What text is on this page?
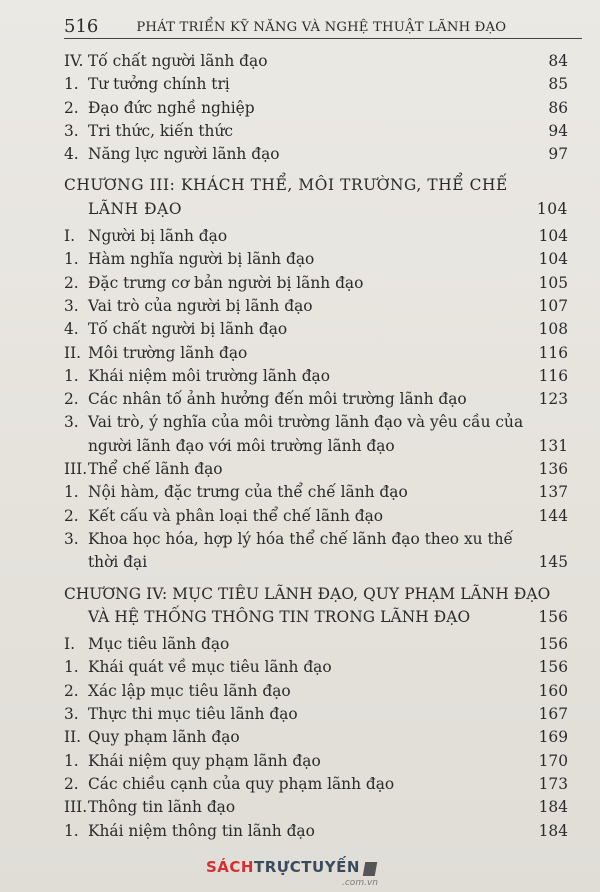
516	PHÁT TRIỂN KỸ NĂNG VÀ NGHỆ THUẬT LÃNH ĐẠO
IV. Tố chất người lãnh đạo	84
1. Tư tưởng chính trị	85
2. Đạo đức nghề nghiệp	86
3. Tri thức, kiến thức	94
4. Năng lực người lãnh đạo	97
CHƯƠNG III: KHÁCH THỂ, MÔI TRƯỜNG, THỂ CHẾ
LÃNH ĐẠO	104
I. Người bị lãnh đạo	104
1. Hàm nghĩa người bị lãnh đạo	104
2. Đặc trưng cơ bản người bị lãnh đạo	105
3. Vai trò của người bị lãnh đạo	107
4. Tố chất người bị lãnh đạo	108
II. Môi trường lãnh đạo	116
1. Khái niệm môi trường lãnh đạo	116
2. Các nhân tố ảnh hưởng đến môi trường lãnh đạo	123
3. Vai trò, ý nghĩa của môi trường lãnh đạo và yêu cầu của
người lãnh đạo với môi trường lãnh đạo	131
III. Thể chế lãnh đạo	136
1. Nội hàm, đặc trưng của thể chế lãnh đạo	137
2. Kết cấu và phân loại thể chế lãnh đạo	144
3. Khoa học hóa, hợp lý hóa thể chế lãnh đạo theo xu thế
thời đại	145
CHƯƠNG IV: MỤC TIÊU LÃNH ĐẠO, QUY PHẠM LÃNH ĐẠO
VÀ HỆ THỐNG THÔNG TIN TRONG LÃNH ĐẠO	156
I. Mục tiêu lãnh đạo	156
1. Khái quát về mục tiêu lãnh đạo	156
2. Xác lập mục tiêu lãnh đạo	160
3. Thực thi mục tiêu lãnh đạo	167
II. Quy phạm lãnh đạo	169
1. Khái niệm quy phạm lãnh đạo	170
2. Các chiều cạnh của quy phạm lãnh đạo	173
III. Thông tin lãnh đạo	184
1. Khái niệm thông tin lãnh đạo	184
SÁCH TRỰCTUYẾN
.com.vn
